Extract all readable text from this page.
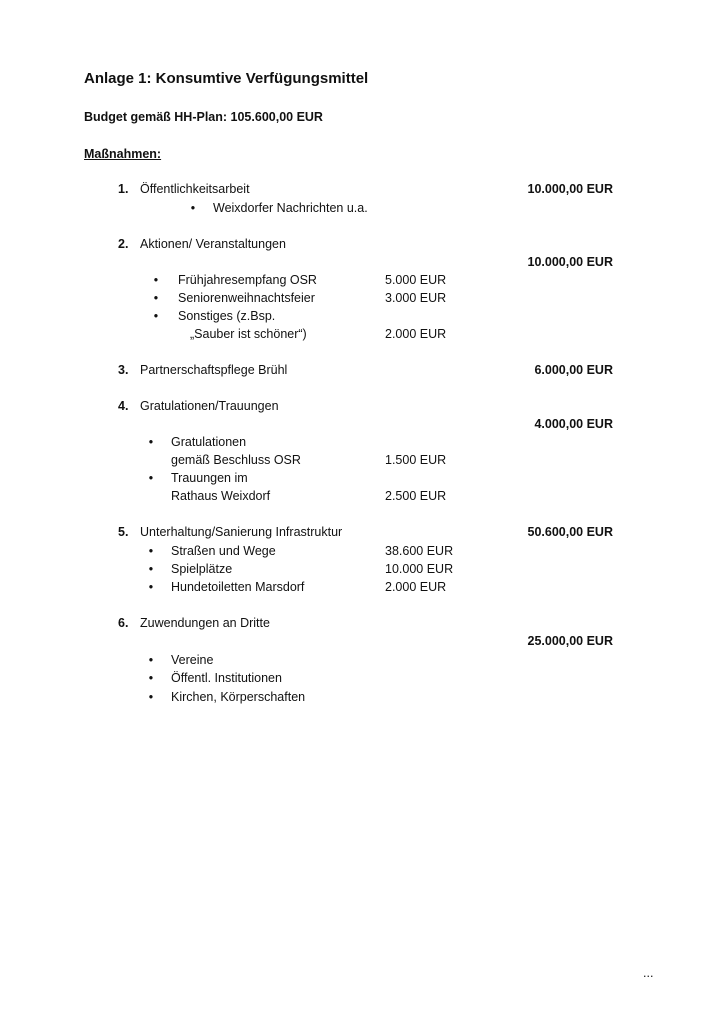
Anlage 1: Konsumtive Verfügungsmittel
Budget gemäß HH-Plan: 105.600,00 EUR
Maßnahmen:
1. Öffentlichkeitsarbeit	10.000,00 EUR
• Weixdorfer Nachrichten u.a.
2. Aktionen/ Veranstaltungen
10.000,00 EUR
• Frühjahresempfang OSR	5.000 EUR
• Seniorenweihnachtsfeier	3.000 EUR
• Sonstiges (z.Bsp.
„Sauber ist schöner“)	2.000 EUR
3. Partnerschaftspflege Brühl	6.000,00 EUR
4. Gratulationen/Trauungen
4.000,00 EUR
• Gratulationen
gemäß Beschluss OSR	1.500 EUR
• Trauungen im
Rathaus Weixdorf	2.500 EUR
5. Unterhaltung/Sanierung Infrastruktur	50.600,00 EUR
• Straßen und Wege	38.600 EUR
• Spielplätze	10.000 EUR
• Hundetoiletten Marsdorf	2.000 EUR
6. Zuwendungen an Dritte
25.000,00 EUR
• Vereine
• Öffentl. Institutionen
• Kirchen, Körperschaften
...
